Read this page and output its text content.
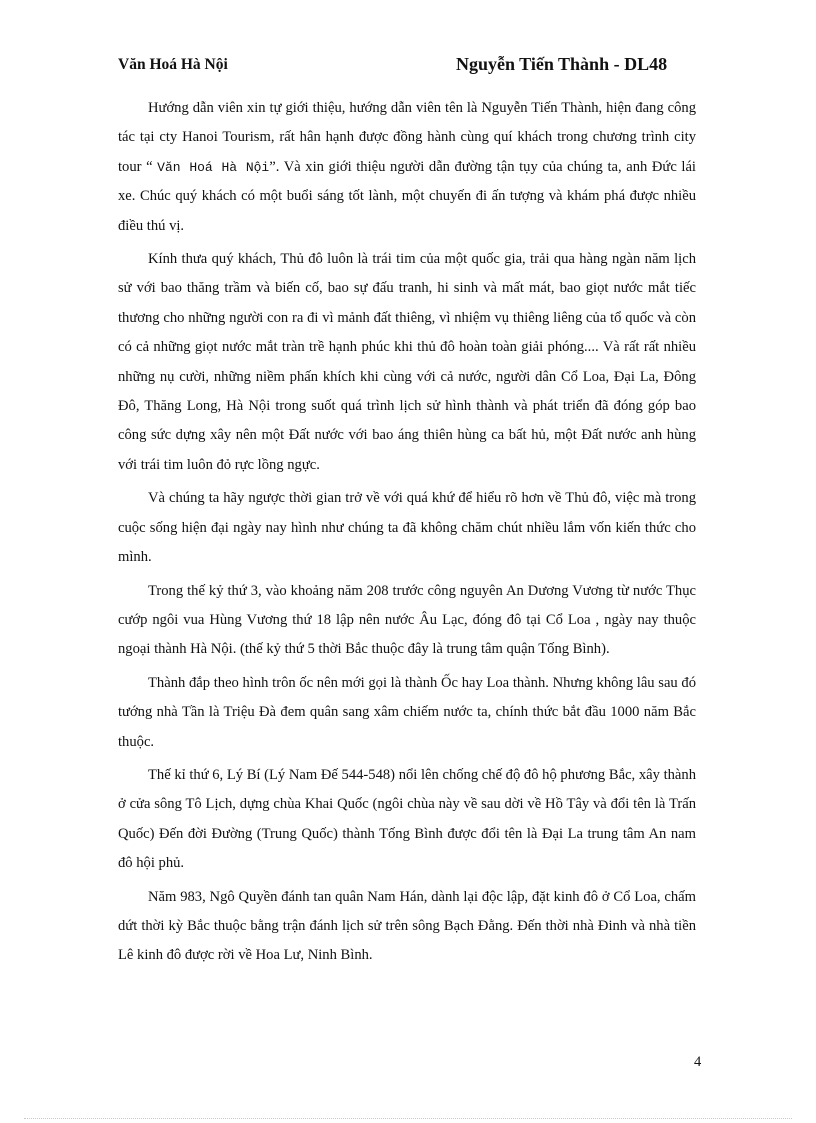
Văn Hoá Hà Nội	Nguyễn Tiến Thành - DL48

Hướng dẫn viên xin tự giới thiệu, hướng dẫn viên tên là Nguyễn Tiến Thành, hiện đang công tác tại cty Hanoi Tourism, rất hân hạnh được đồng hành cùng quí khách trong chương trình city tour “ Văn Hoá Hà Nội”. Và xin giới thiệu người dẫn đường tận tụy của chúng ta, anh Đức lái xe. Chúc quý khách có một buổi sáng tốt lành, một chuyến đi ấn tượng và khám phá được nhiều điều thú vị.

Kính thưa quý khách, Thủ đô luôn là trái tim của một quốc gia, trải qua hàng ngàn năm lịch sử với bao thăng trầm và biến cố, bao sự đấu tranh, hi sinh và mất mát, bao giọt nước mắt tiếc thương cho những người con ra đi vì mảnh đất thiêng, vì nhiệm vụ thiêng liêng của tổ quốc và còn có cả những giọt nước mắt tràn trề hạnh phúc khi thủ đô hoàn toàn giải phóng.... Và rất rất nhiều những nụ cười, những niềm phấn khích khi cùng với cả nước, người dân Cổ Loa, Đại La, Đông Đô, Thăng Long, Hà Nội trong suốt quá trình lịch sử hình thành và phát triển đã đóng góp bao công sức dựng xây nên một Đất nước với bao áng thiên hùng ca bất hủ, một Đất nước anh hùng với trái tim luôn đỏ rực lồng ngực.

Và chúng ta hãy ngược thời gian trở về với quá khứ để hiểu rõ hơn về Thủ đô, việc mà trong cuộc sống hiện đại ngày nay hình như chúng ta đã không chăm chút nhiều lắm vốn kiến thức cho mình.

Trong thế kỷ thứ 3, vào khoảng năm 208 trước công nguyên An Dương Vương từ nước Thục cướp ngôi vua Hùng Vương thứ 18 lập nên nước Âu Lạc, đóng đô tại Cổ Loa , ngày nay thuộc ngoại thành Hà Nội. (thế kỷ thứ 5 thời Bắc thuộc đây là trung tâm quận Tống Bình).

Thành đắp theo hình trôn ốc nên mới gọi là thành Ốc hay Loa thành. Nhưng không lâu sau đó tướng nhà Tần là Triệu Đà đem quân sang xâm chiếm nước ta, chính thức bắt đầu 1000 năm Bắc thuộc.

Thế kỉ thứ 6, Lý Bí (Lý Nam Đế 544-548) nổi lên chống chế độ đô hộ phương Bắc, xây thành ở cửa sông Tô Lịch, dựng chùa Khai Quốc (ngôi chùa này về sau dời về Hồ Tây và đổi tên là Trấn Quốc) Đến đời Đường (Trung Quốc) thành Tống Bình được đổi tên là Đại La trung tâm An nam đô hội phủ.

Năm 983, Ngô Quyền đánh tan quân Nam Hán, dành lại độc lập, đặt kinh đô ở Cổ Loa, chấm dứt thời kỳ Bắc thuộc bằng trận đánh lịch sử trên sông Bạch Đằng. Đến thời nhà Đinh và nhà tiền Lê kinh đô được rời về Hoa Lư, Ninh Bình.

4
